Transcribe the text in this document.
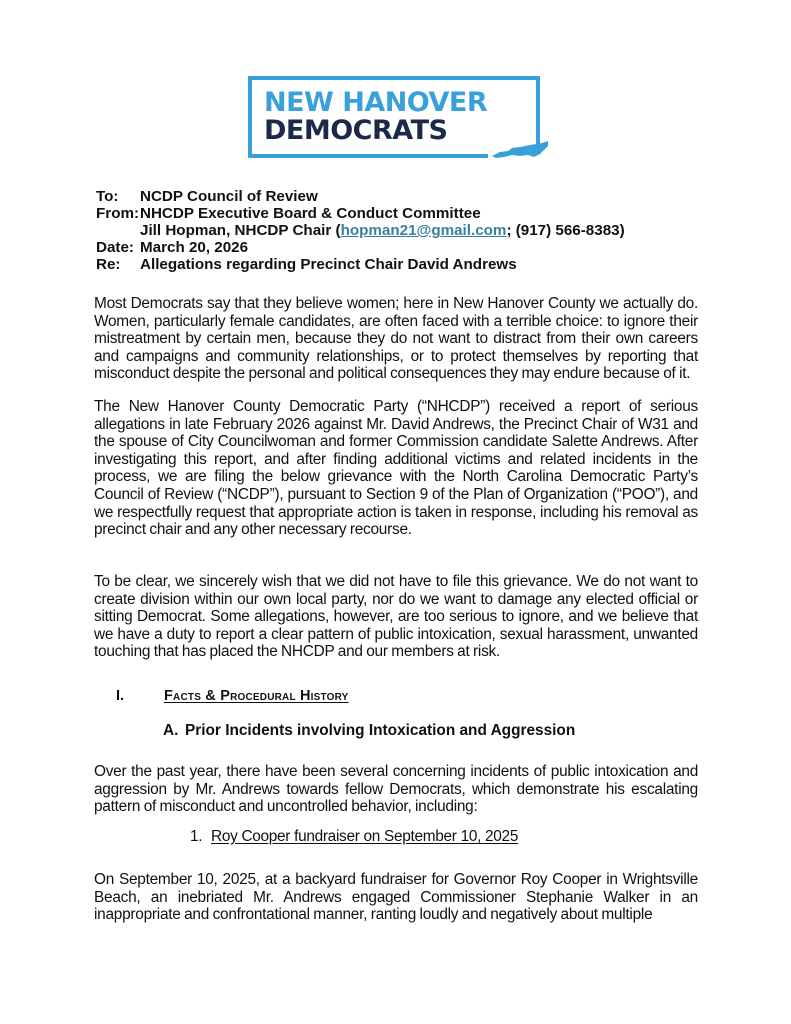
NEW HANOVER
DEMOCRATS
To:	NCDP Council of Review
From: NHCDP Executive Board & Conduct Committee
Jill Hopman, NHCDP Chair ( hopman21@gmail.com ; (917) 566-8383)
Date: March 20, 2026
Re:	Allegations regarding Precinct Chair David Andrews

Most Democrats say that they believe women; here in New Hanover County we actually do. Women, particularly female candidates, are often faced with a terrible choice: to ignore their mistreatment by certain men, because they do not want to distract from their own careers and campaigns and community relationships, or to protect themselves by reporting that misconduct despite the personal and political consequences they may endure because of it.

The New Hanover County Democratic Party (“NHCDP”) received a report of serious allegations in late February 2026 against Mr. David Andrews, the Precinct Chair of W31 and the spouse of City Councilwoman and former Commission candidate Salette Andrews. After investigating this report, and after finding additional victims and related incidents in the process, we are filing the below grievance with the North Carolina Democratic Party’s Council of Review (“NCDP”), pursuant to Section 9 of the Plan of Organization (“POO”), and we respectfully request that appropriate action is taken in response, including his removal as precinct chair and any other necessary recourse.

To be clear, we sincerely wish that we did not have to file this grievance. We do not want to create division within our own local party, nor do we want to damage any elected official or sitting Democrat. Some allegations, however, are too serious to ignore, and we believe that we have a duty to report a clear pattern of public intoxication, sexual harassment, unwanted touching that has placed the NHCDP and our members at risk.

I.	Facts & Procedural History
A. Prior Incidents involving Intoxication and Aggression

Over the past year, there have been several concerning incidents of public intoxication and aggression by Mr. Andrews towards fellow Democrats, which demonstrate his escalating pattern of misconduct and uncontrolled behavior, including:

1. Roy Cooper fundraiser on September 10, 2025

On September 10, 2025, at a backyard fundraiser for Governor Roy Cooper in Wrightsville Beach, an inebriated Mr. Andrews engaged Commissioner Stephanie Walker in an inappropriate and confrontational manner, ranting loudly and negatively about multiple
